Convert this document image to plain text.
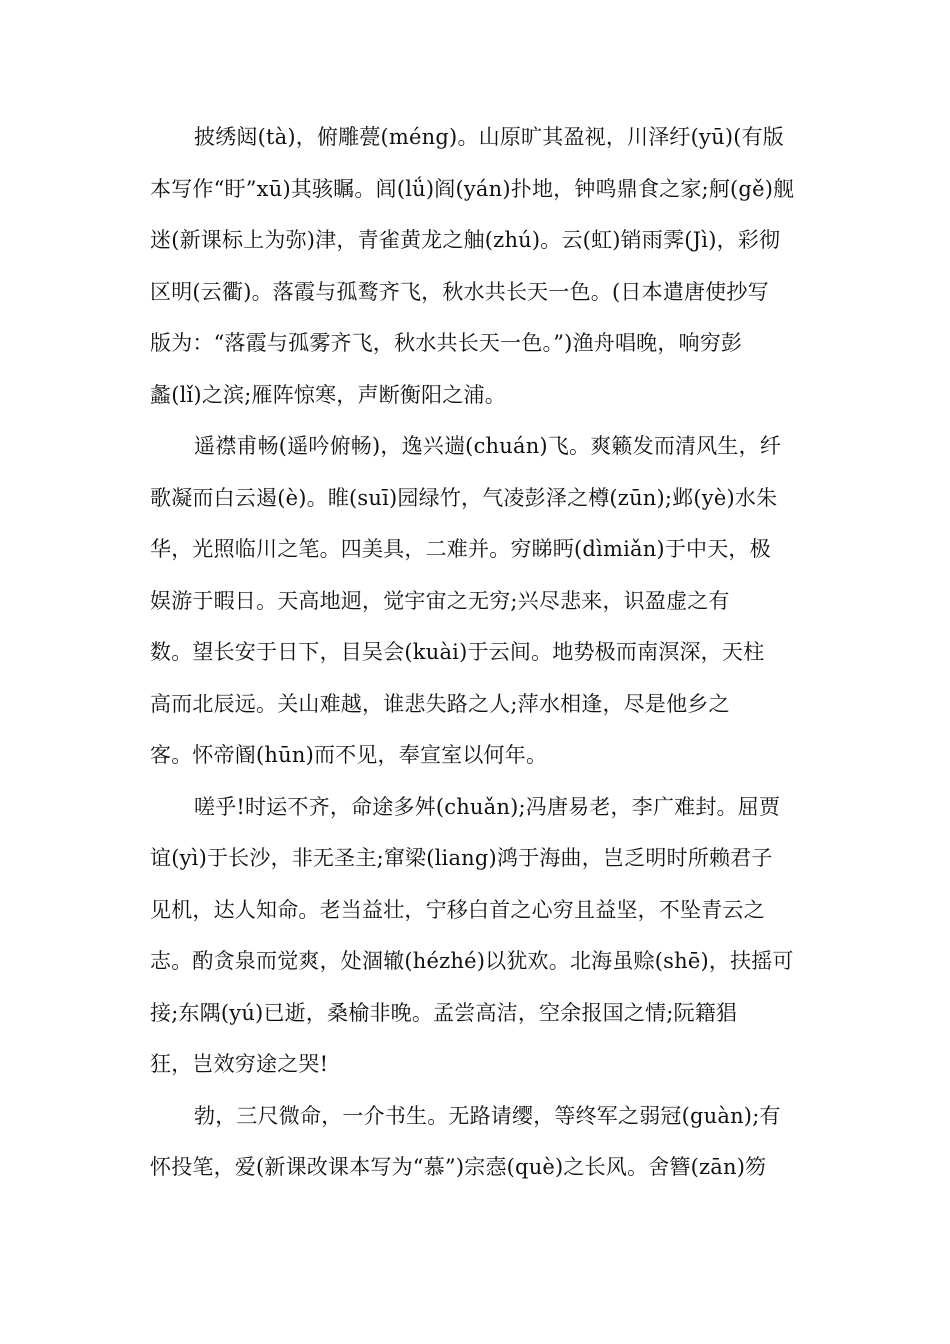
披绣闼(tà)，俯雕甍(méng)。山原旷其盈视，川泽纡(yū)(有版
本写作“盱”xū)其骇瞩。闾(lǘ)阎(yán)扑地，钟鸣鼎食之家;舸(gě)舰
迷(新课标上为弥)津，青雀黄龙之舳(zhú)。云(虹)销雨霁(Jì)，彩彻
区明(云衢)。落霞与孤鹜齐飞，秋水共长天一色。(日本遣唐使抄写
版为：“落霞与孤雾齐飞，秋水共长天一色。”)渔舟唱晚，响穷彭
蠡(lǐ)之滨;雁阵惊寒，声断衡阳之浦。
遥襟甫畅(遥吟俯畅)，逸兴遄(chuán)飞。爽籁发而清风生，纤
歌凝而白云遏(è)。睢(suī)园绿竹，气凌彭泽之樽(zūn);邺(yè)水朱
华，光照临川之笔。四美具，二难并。穷睇眄(dìmiǎn)于中天，极
娱游于暇日。天高地迥，觉宇宙之无穷;兴尽悲来，识盈虚之有
数。望长安于日下，目吴会(kuài)于云间。地势极而南溟深，天柱
高而北辰远。关山难越，谁悲失路之人;萍水相逢，尽是他乡之
客。怀帝阍(hūn)而不见，奉宣室以何年。
嗟乎!时运不齐，命途多舛(chuǎn);冯唐易老，李广难封。屈贾
谊(yì)于长沙，非无圣主;窜梁(liang)鸿于海曲，岂乏明时所赖君子
见机，达人知命。老当益壮，宁移白首之心穷且益坚，不坠青云之
志。酌贪泉而觉爽，处涸辙(hézhé)以犹欢。北海虽赊(shē)，扶摇可
接;东隅(yú)已逝，桑榆非晚。孟尝高洁，空余报国之情;阮籍猖
狂，岂效穷途之哭!
勃，三尺微命，一介书生。无路请缨，等终军之弱冠(guàn);有
怀投笔，爱(新课改课本写为“慕”)宗悫(què)之长风。舍簪(zān)笏
